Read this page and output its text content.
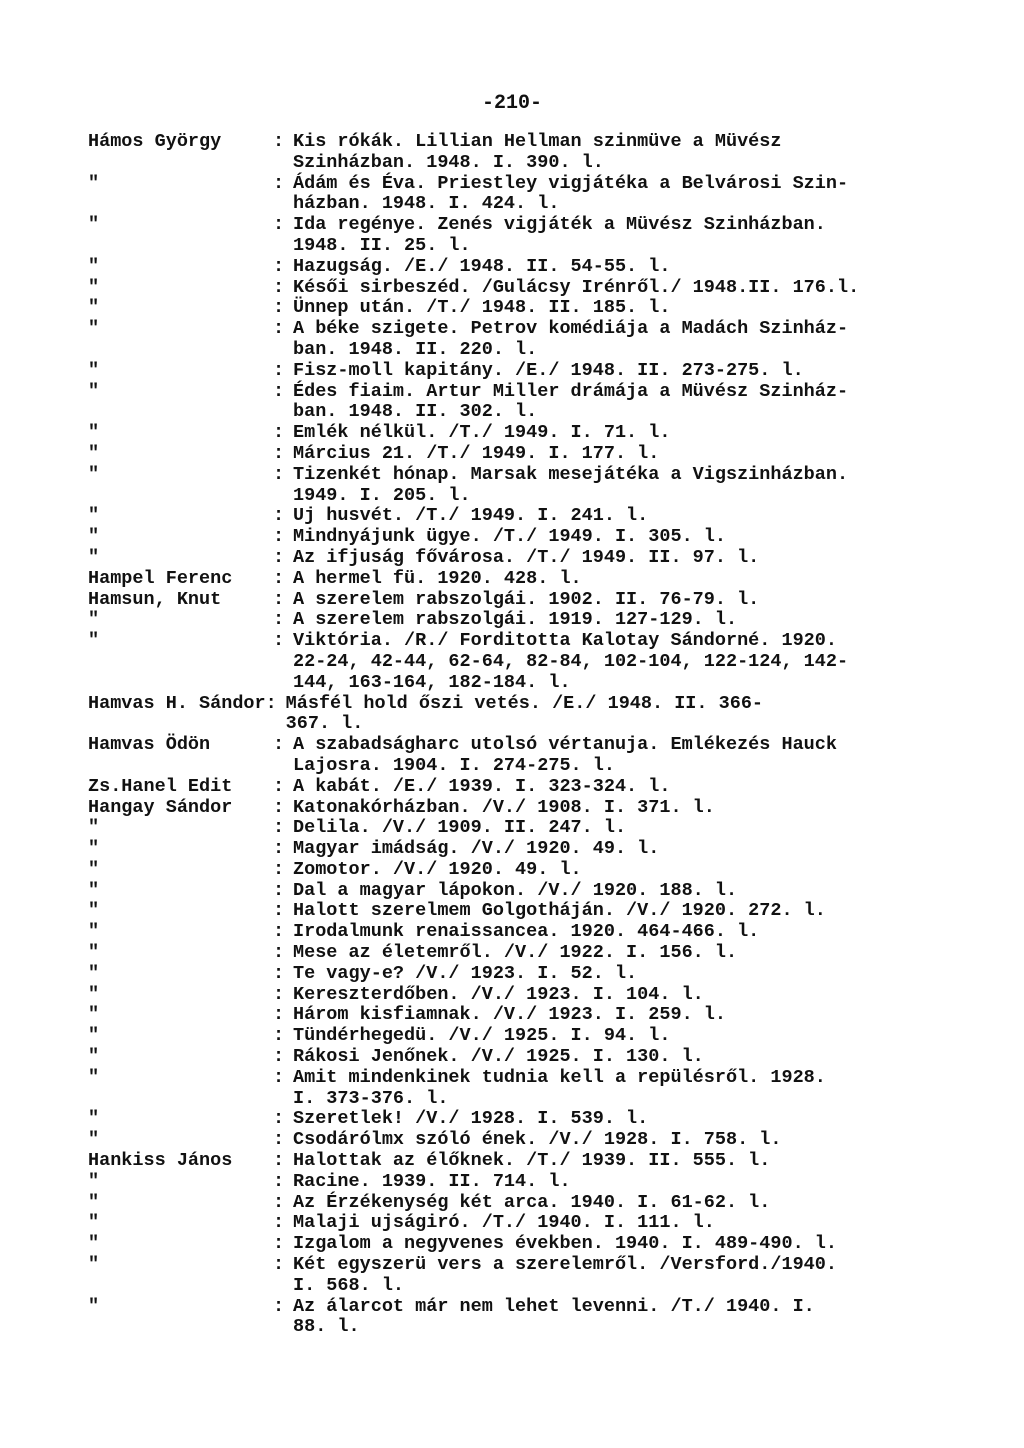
-210-
Hámos György	: Kis rókák. Lillian Hellman szinmüve a Müvész
Szinházban. 1948. I. 390. l.
"	: Ádám és Éva. Priestley vigjátéka a Belvárosi Szin-
házban. 1948. I. 424. l.
"	: Ida regénye. Zenés vigjáték a Müvész Szinházban.
1948. II. 25. l.
"	: Hazugság. /E./ 1948. II. 54-55. l.
"	: Késői sirbeszéd. /Gulácsy Irénről./ 1948.II. 176.l.
"	: Ünnep után. /T./ 1948. II. 185. l.
"	: A béke szigete. Petrov komédiája a Madách Szinház-
ban. 1948. II. 220. l.
"	: Fisz-moll kapitány. /E./ 1948. II. 273-275. l.
"	: Édes fiaim. Artur Miller drámája a Müvész Szinház-
ban. 1948. II. 302. l.
"	: Emlék nélkül. /T./ 1949. I. 71. l.
"	: Március 21. /T./ 1949. I. 177. l.
"	: Tizenkét hónap. Marsak mesejátéka a Vigszinházban.
1949. I. 205. l.
"	: Uj husvét. /T./ 1949. I. 241. l.
"	: Mindnyájunk ügye. /T./ 1949. I. 305. l.
"	: Az ifjuság fővárosa. /T./ 1949. II. 97. l.
Hampel Ferenc	: A hermel fü. 1920. 428. l.
Hamsun, Knut	: A szerelem rabszolgái. 1902. II. 76-79. l.
"	: A szerelem rabszolgái. 1919. 127-129. l.
"	: Viktória. /R./ Forditotta Kalotay Sándorné. 1920.
22-24, 42-44, 62-64, 82-84, 102-104, 122-124, 142-
144, 163-164, 182-184. l.
Hamvas H. Sándor : Másfél hold őszi vetés. /E./ 1948. II. 366-
367. l.
Hamvas Ödön	: A szabadságharc utolsó vértanuja. Emlékezés Hauck
Lajosra. 1904. I. 274-275. l.
Zs.Hanel Edit	: A kabát. /E./ 1939. I. 323-324. l.
Hangay Sándor	: Katonakórházban. /V./ 1908. I. 371. l.
"	: Delila. /V./ 1909. II. 247. l.
"	: Magyar imádság. /V./ 1920. 49. l.
"	: Zomotor. /V./ 1920. 49. l.
"	: Dal a magyar lápokon. /V./ 1920. 188. l.
"	: Halott szerelmem Golgotháján. /V./ 1920. 272. l.
"	: Irodalmunk renaissancea. 1920. 464-466. l.
"	: Mese az életemről. /V./ 1922. I. 156. l.
"	: Te vagy-e? /V./ 1923. I. 52. l.
"	: Kereszterdőben. /V./ 1923. I. 104. l.
"	: Három kisfiamnak. /V./ 1923. I. 259. l.
"	: Tündérhegedü. /V./ 1925. I. 94. l.
"	: Rákosi Jenőnek. /V./ 1925. I. 130. l.
"	: Amit mindenkinek tudnia kell a repülésről. 1928.
I. 373-376. l.
"	: Szeretlek! /V./ 1928. I. 539. l.
"	: Csodárólmx szóló ének. /V./ 1928. I. 758. l.
Hankiss János	: Halottak az élőknek. /T./ 1939. II. 555. l.
"	: Racine. 1939. II. 714. l.
"	: Az Érzékenység két arca. 1940. I. 61-62. l.
"	: Malaji ujságiró. /T./ 1940. I. 111. l.
"	: Izgalom a negyvenes években. 1940. I. 489-490. l.
"	: Két egyszerü vers a szerelemről. /Versford./1940.
I. 568. l.
"	: Az álarcot már nem lehet levenni. /T./ 1940. I.
88. l.
